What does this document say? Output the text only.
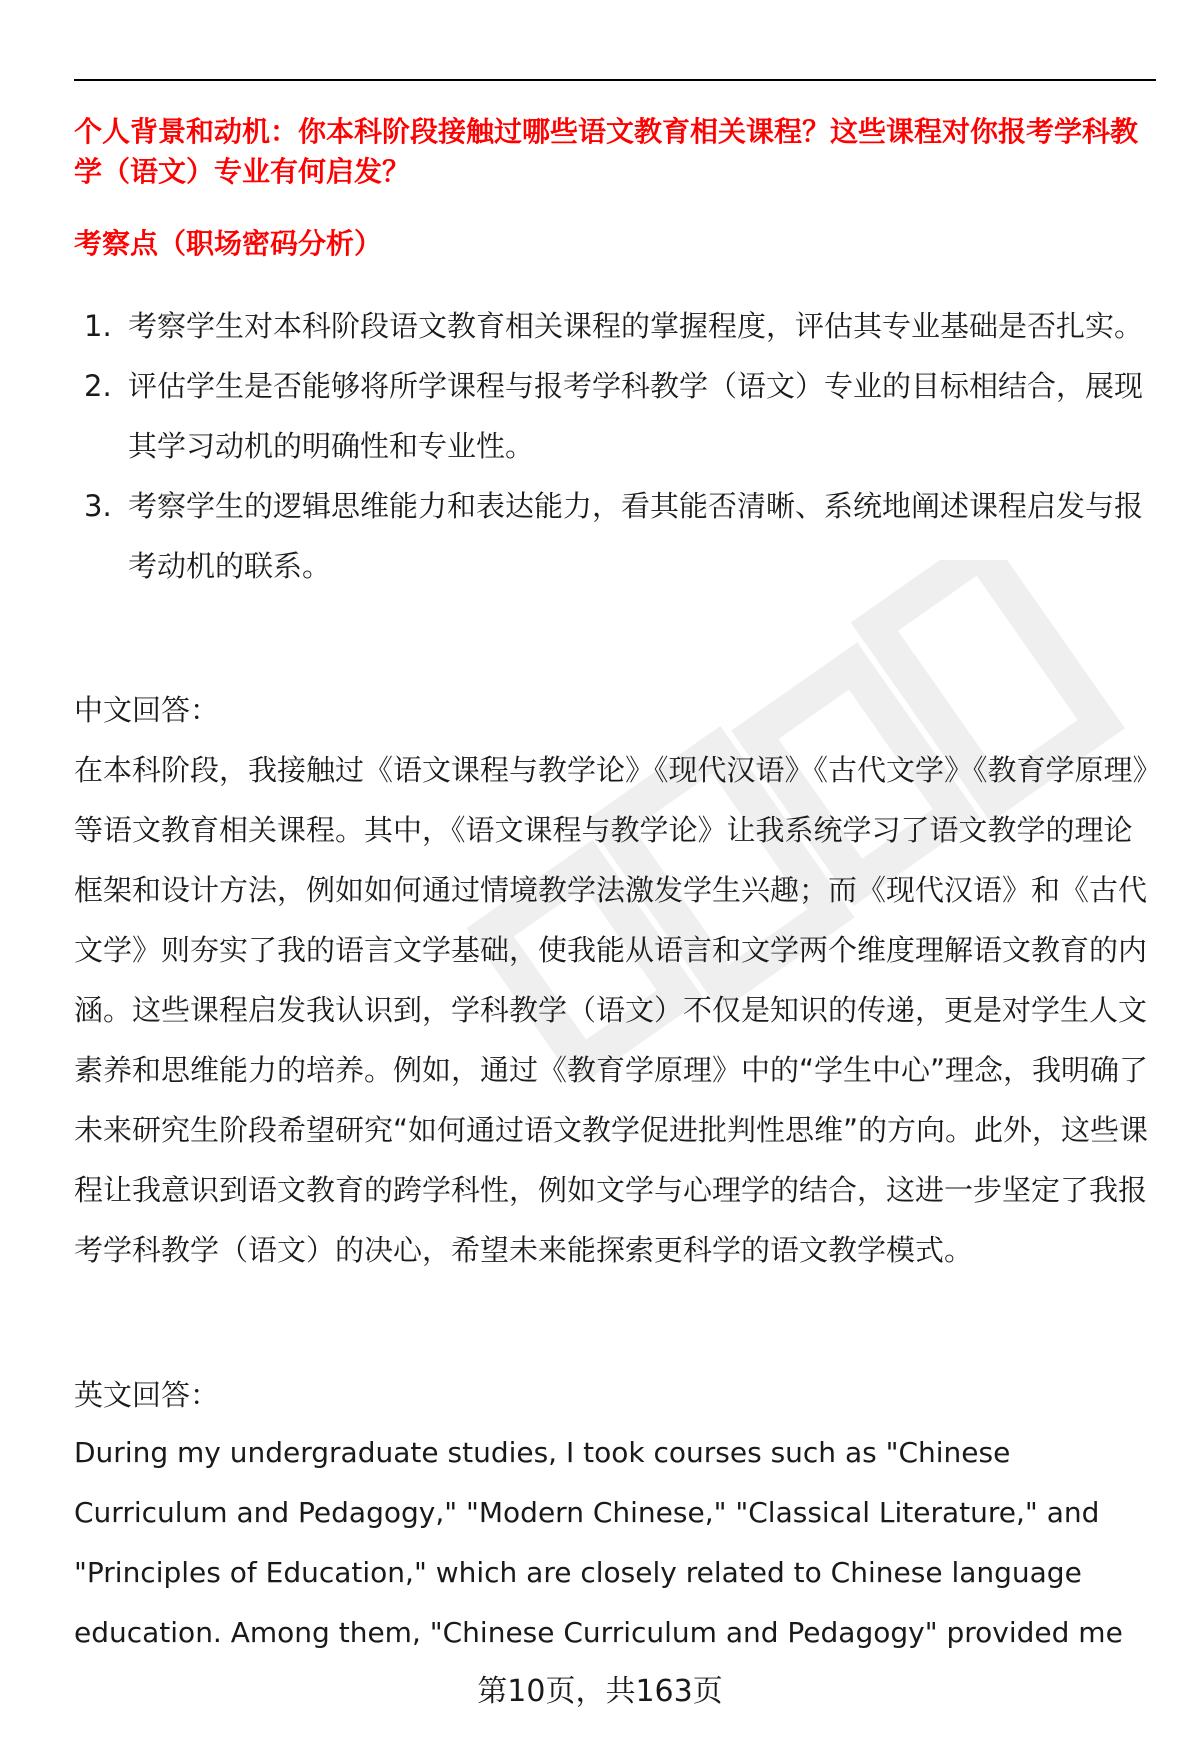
个人背景和动机：你本科阶段接触过哪些语文教育相关课程？这些课程对你报考学科教学（语文）专业有何启发？

考察点（职场密码分析）

1. 考察学生对本科阶段语文教育相关课程的掌握程度，评估其专业基础是否扎实。
2. 评估学生是否能够将所学课程与报考学科教学（语文）专业的目标相结合，展现其学习动机的明确性和专业性。
3. 考察学生的逻辑思维能力和表达能力，看其能否清晰、系统地阐述课程启发与报考动机的联系。

中文回答：

在本科阶段，我接触过《语文课程与教学论》《现代汉语》《古代文学》《教育学原理》等语文教育相关课程。其中，《语文课程与教学论》让我系统学习了语文教学的理论框架和设计方法，例如如何通过情境教学法激发学生兴趣；而《现代汉语》和《古代文学》则夯实了我的语言文学基础，使我能从语言和文学两个维度理解语文教育的内涵。这些课程启发我认识到，学科教学（语文）不仅是知识的传递，更是对学生人文素养和思维能力的培养。例如，通过《教育学原理》中的“学生中心”理念，我明确了未来研究生阶段希望研究“如何通过语文教学促进批判性思维”的方向。此外，这些课程让我意识到语文教育的跨学科性，例如文学与心理学的结合，这进一步坚定了我报考学科教学（语文）的决心，希望未来能探索更科学的语文教学模式。

英文回答：

During my undergraduate studies, I took courses such as "Chinese Curriculum and Pedagogy," "Modern Chinese," "Classical Literature," and "Principles of Education," which are closely related to Chinese language education. Among them, "Chinese Curriculum and Pedagogy" provided me

第10页，共163页
